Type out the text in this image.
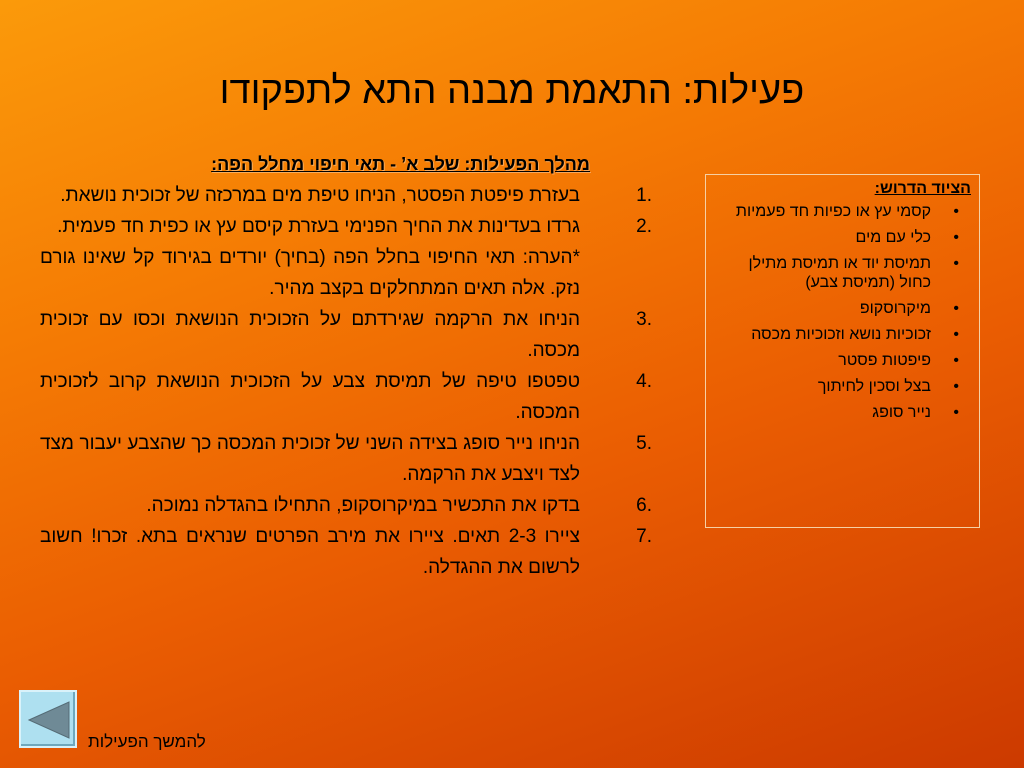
פעילות: התאמת מבנה התא לתפקודו
מהלך הפעילות: שלב א’ - תאי חיפוי מחלל הפה:
1.
בעזרת פיפטת הפסטר, הניחו טיפת מים במרכזה של זכוכית נושאת.
2.
גרדו בעדינות את החיך הפנימי בעזרת קיסם עץ או כפית חד פעמית.
*הערה: תאי החיפוי בחלל הפה (בחיך) יורדים בגירוד קל שאינו גורם נזק. אלה תאים המתחלקים בקצב מהיר.
3.
הניחו את הרקמה שגירדתם על הזכוכית הנושאת וכסו עם זכוכית מכסה.
4.
טפטפו טיפה של תמיסת צבע על הזכוכית הנושאת קרוב לזכוכית המכסה.
5.
הניחו נייר סופג בצידה השני של זכוכית המכסה כך שהצבע יעבור מצד לצד ויצבע את הרקמה.
6.
בדקו את התכשיר במיקרוסקופ, התחילו בהגדלה נמוכה.
7.
ציירו 2-3 תאים. ציירו את מירב הפרטים שנראים בתא. זכרו! חשוב לרשום את ההגדלה.
הציוד הדרוש:
•
קסמי עץ או כפיות חד פעמיות
•
כלי עם מים
•
תמיסת יוד או תמיסת מתילן כחול (תמיסת צבע)
•
מיקרוסקופ
•
זכוכיות נושא וזכוכיות מכסה
•
פיפטות פסטר
•
בצל וסכין לחיתוך
•
נייר סופג
להמשך הפעילות
